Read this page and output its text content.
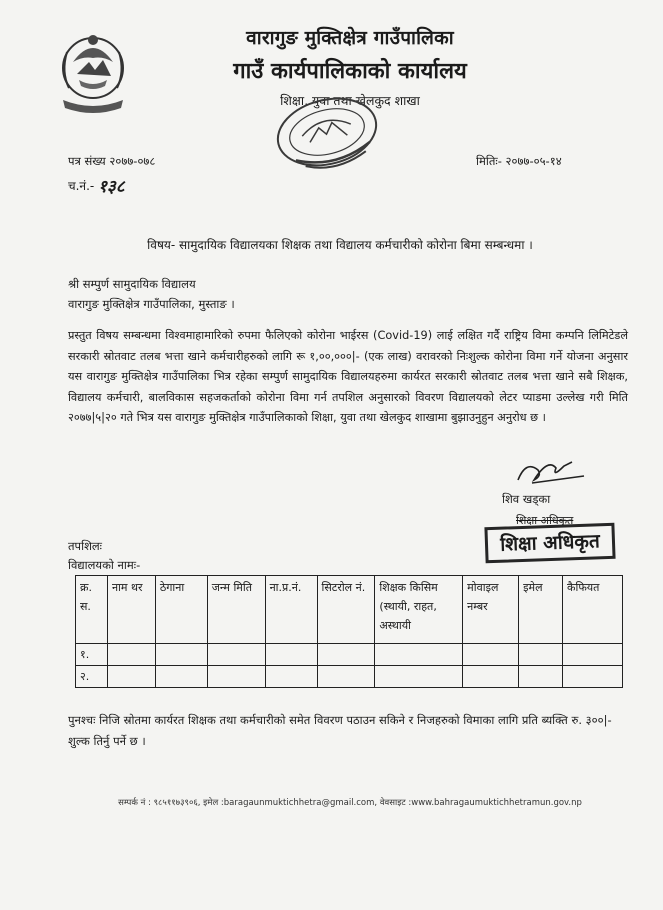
वारागुङ मुक्तिक्षेत्र गाउँपालिका
गाउँ कार्यपालिकाको कार्यालय
शिक्षा, युवा तथा खेलकुद शाखा
पत्र संख्य २०७७-०७८
च.नं.- १३८
मितिः- २०७७-०५-१४
विषय- सामुदायिक विद्यालयका शिक्षक तथा विद्यालय कर्मचारीको कोरोना बिमा सम्बन्धमा ।
श्री सम्पुर्ण सामुदायिक विद्यालय
वारागुङ मुक्तिक्षेत्र गाउँपालिका, मुस्ताङ ।
प्रस्तुत विषय सम्बन्धमा विश्वमाहामारिको रुपमा फैलिएको कोरोना भाईरस (Covid-19) लाई लक्षित गर्दै राष्ट्रिय विमा कम्पनि लिमिटेडले सरकारी स्रोतवाट तलब भत्ता खाने कर्मचारीहरुको लागि रू १,००,०००|- (एक लाख) वरावरको निःशुल्क कोरोना विमा गर्ने योजना अनुसार यस वारागुङ मुक्तिक्षेत्र गाउँपालिका भित्र रहेका सम्पुर्ण सामुदायिक विद्यालयहरुमा कार्यरत सरकारी स्रोतवाट तलब भत्ता खाने सबै शिक्षक, विद्यालय कर्मचारी, बालविकास सहजकर्ताको कोरोना विमा गर्न तपशिल अनुसारको विवरण विद्यालयको लेटर प्याडमा उल्लेख गरी मिति २०७७|५|२० गते भित्र यस वारागुङ मुक्तिक्षेत्र गाउँपालिकाको शिक्षा, युवा तथा खेलकुद शाखामा बुझाउनुहुन अनुरोध छ ।
शिव खड्का
शिक्षा अधिकृत
शिक्षा अधिकृत
तपशिलः
विद्यालयको नामः-
क्र. स.	नाम थर	ठेगाना	जन्म मिति	ना.प्र.नं.	सिटरोल नं.	शिक्षक किसिम (स्थायी, राहत, अस्थायी	मोवाइल नम्बर	इमेल	कैफियत
१.									
२.									
पुनश्चः निजि स्रोतमा कार्यरत शिक्षक तथा कर्मचारीको समेत विवरण पठाउन सकिने र निजहरुको विमाका लागि प्रति ब्यक्ति रु. ३००|- शुल्क तिर्नु पर्ने छ ।
सम्पर्क नं : ९८५११७३९०६, इमेल :baragaunmuktichhetra@gmail.com, वेवसाइट :www.bahragaumuktichhetramun.gov.np
